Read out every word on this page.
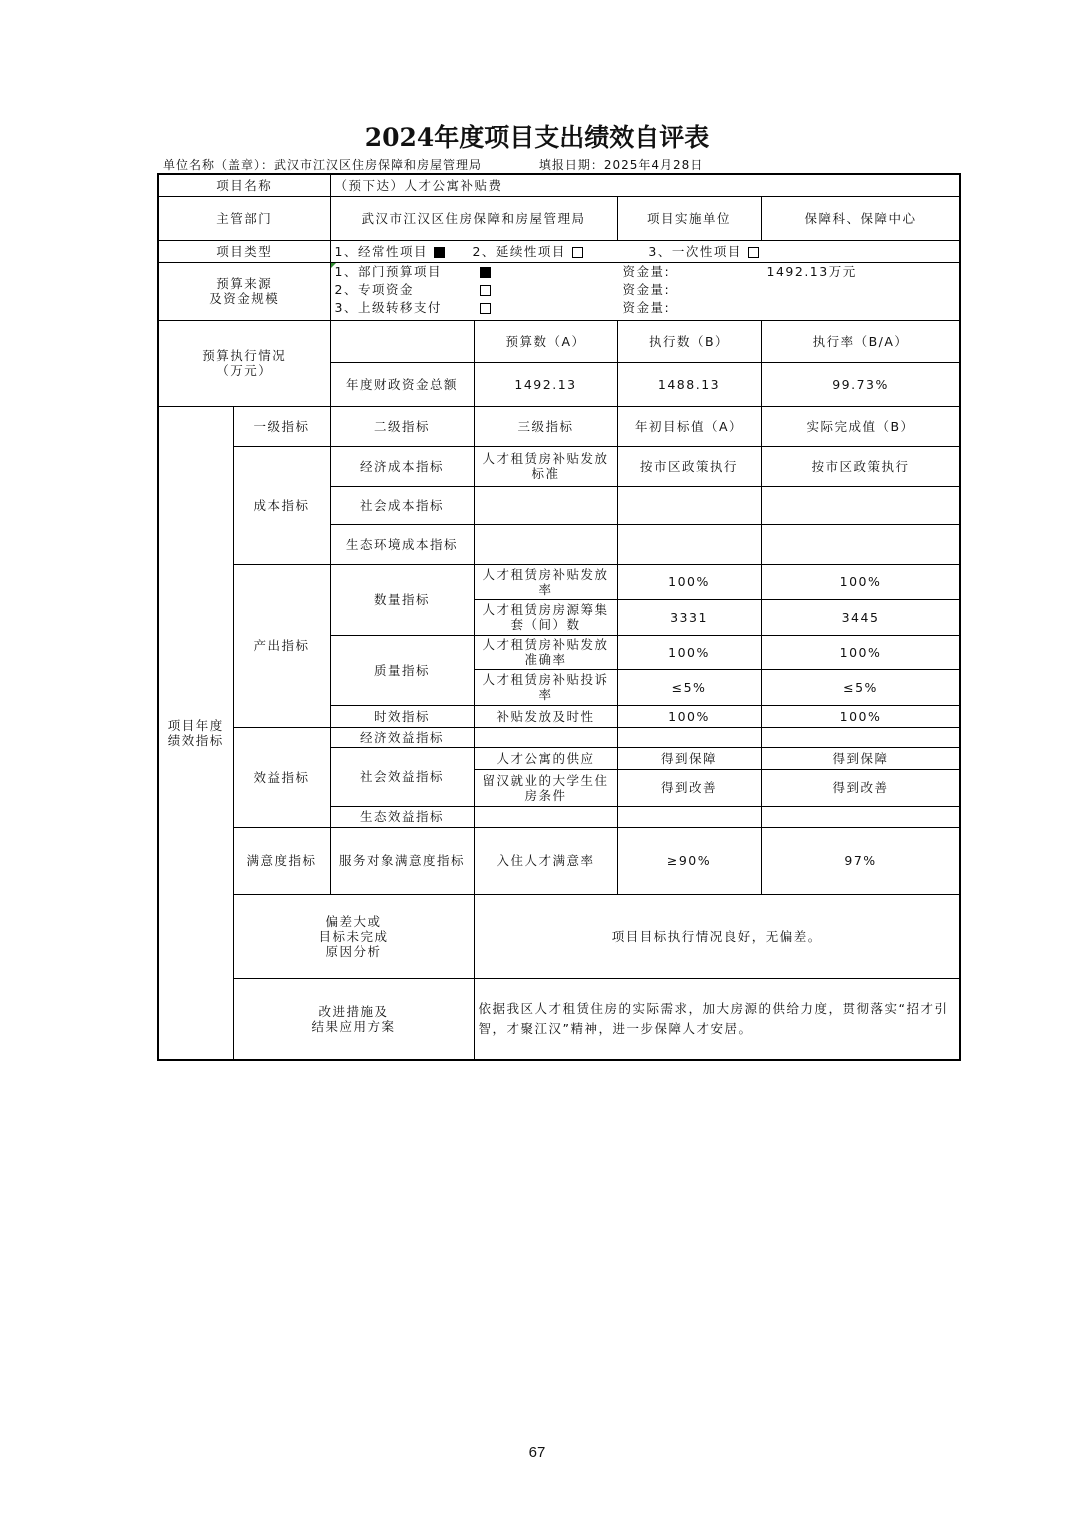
2024年度项目支出绩效自评表
单位名称（盖章）：武汉市江汉区住房保障和房屋管理局	填报日期：2025年4月28日
项目名称		（预下达）人才公寓补贴费			
主管部门		武汉市江汉区住房保障和房屋管理局		项目实施单位	保障科、保障中心
项目类型		1、经常性项目 2、延续性项目 3、一次性项目			

预算来源
及资金规模

1、部门预算项目	资金量:	1492.13万元
2、专项资金	资金量:
3、上级转移支付	资金量:

预算执行情况
（万元）			预算数（A）	执行数（B）	执行率（B/A）
		年度财政资金总额	1492.13	1488.13	99.73%

项目年度
绩效指标	一级指标	二级指标	三级指标	年初目标值（A）	实际完成值（B）
	成本指标	经济成本指标	人才租赁房补贴发放标准	按市区政策执行	按市区政策执行
		社会成本指标			
		生态环境成本指标			
	产出指标	数量指标	人才租赁房补贴发放率	100%	100%
			人才租赁房房源筹集套（间）数	3331	3445
		质量指标	人才租赁房补贴发放准确率	100%	100%
			人才租赁房补贴投诉率	≤5%	≤5%
		时效指标	补贴发放及时性	100%	100%
	效益指标	经济效益指标			
		社会效益指标	人才公寓的供应	得到保障	得到保障
			留汉就业的大学生住房条件	得到改善	得到改善
		生态效益指标			
	满意度指标	服务对象满意度指标	入住人才满意率	≥90%	97%

	偏差大或
目标未完成
原因分析		项目目标执行情况良好，无偏差。		

	改进措施及
结果应用方案		依据我区人才租赁住房的实际需求，加大房源的供给力度，贯彻落实“招才引智，才聚江汉”精神，进一步保障人才安居。		
67
